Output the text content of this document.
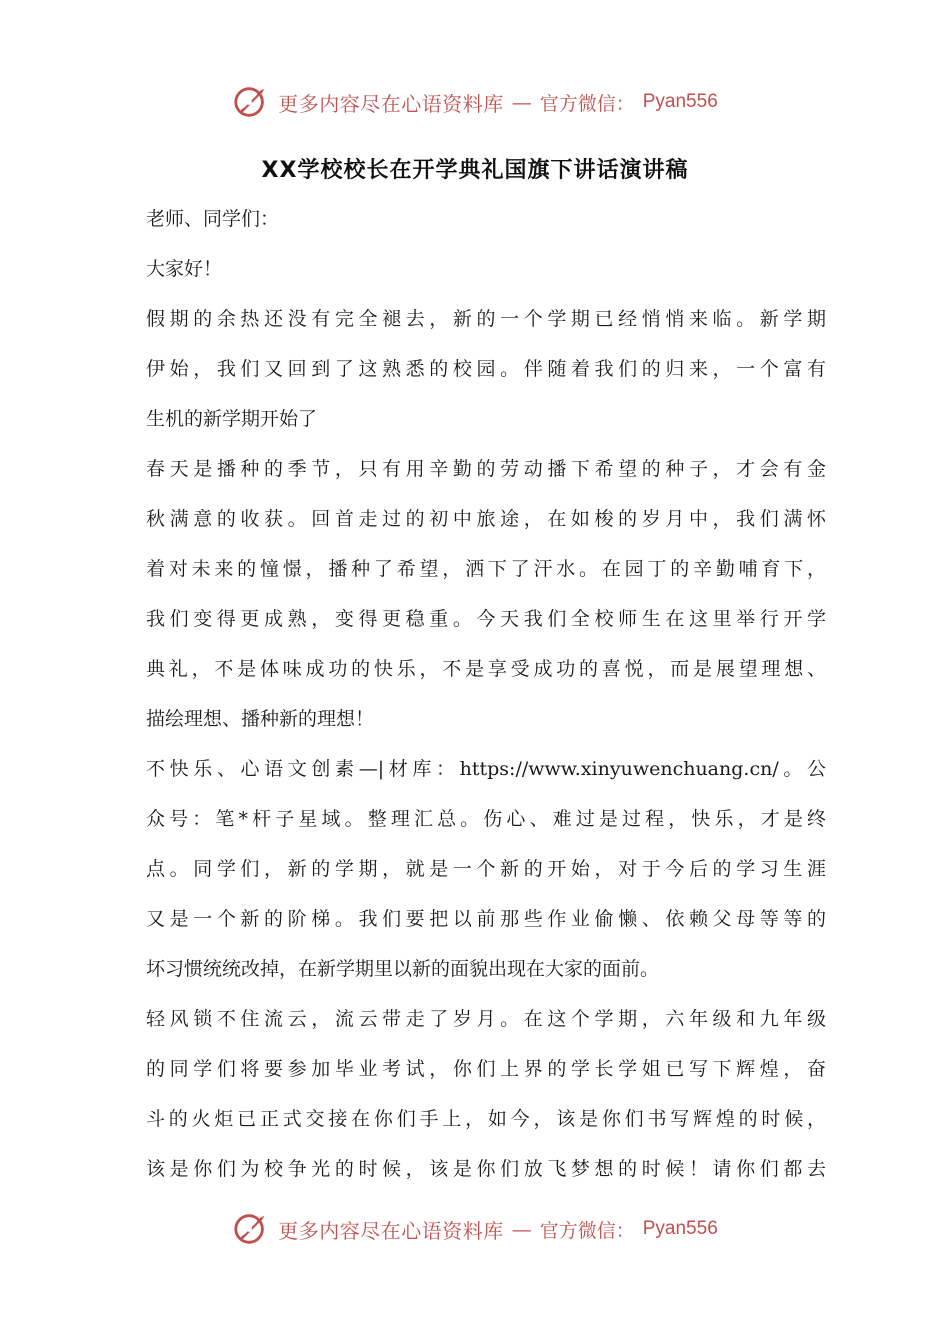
更多内容尽在心语资料库 — 官方微信： Pyan556
XX学校校长在开学典礼国旗下讲话演讲稿
老师、同学们：
大家好！
假期的余热还没有完全褪去，新的一个学期已经悄悄来临。新学期
伊始，我们又回到了这熟悉的校园。伴随着我们的归来，一个富有
生机的新学期开始了
春天是播种的季节，只有用辛勤的劳动播下希望的种子，才会有金
秋满意的收获。回首走过的初中旅途，在如梭的岁月中，我们满怀
着对未来的憧憬，播种了希望，洒下了汗水。在园丁的辛勤哺育下，
我们变得更成熟，变得更稳重。今天我们全校师生在这里举行开学
典礼，不是体味成功的快乐，不是享受成功的喜悦，而是展望理想、
描绘理想、播种新的理想！
不快乐、心语文创素—|材库：https://www.xinyuwenchuang.cn/。公
众号：笔*杆子星域。整理汇总。伤心、难过是过程，快乐，才是终
点。同学们，新的学期，就是一个新的开始，对于今后的学习生涯
又是一个新的阶梯。我们要把以前那些作业偷懒、依赖父母等等的
坏习惯统统改掉，在新学期里以新的面貌出现在大家的面前。
轻风锁不住流云，流云带走了岁月。在这个学期，六年级和九年级
的同学们将要参加毕业考试，你们上界的学长学姐已写下辉煌，奋
斗的火炬已正式交接在你们手上，如今，该是你们书写辉煌的时候，
该是你们为校争光的时候，该是你们放飞梦想的时候！请你们都去
更多内容尽在心语资料库 — 官方微信： Pyan556
